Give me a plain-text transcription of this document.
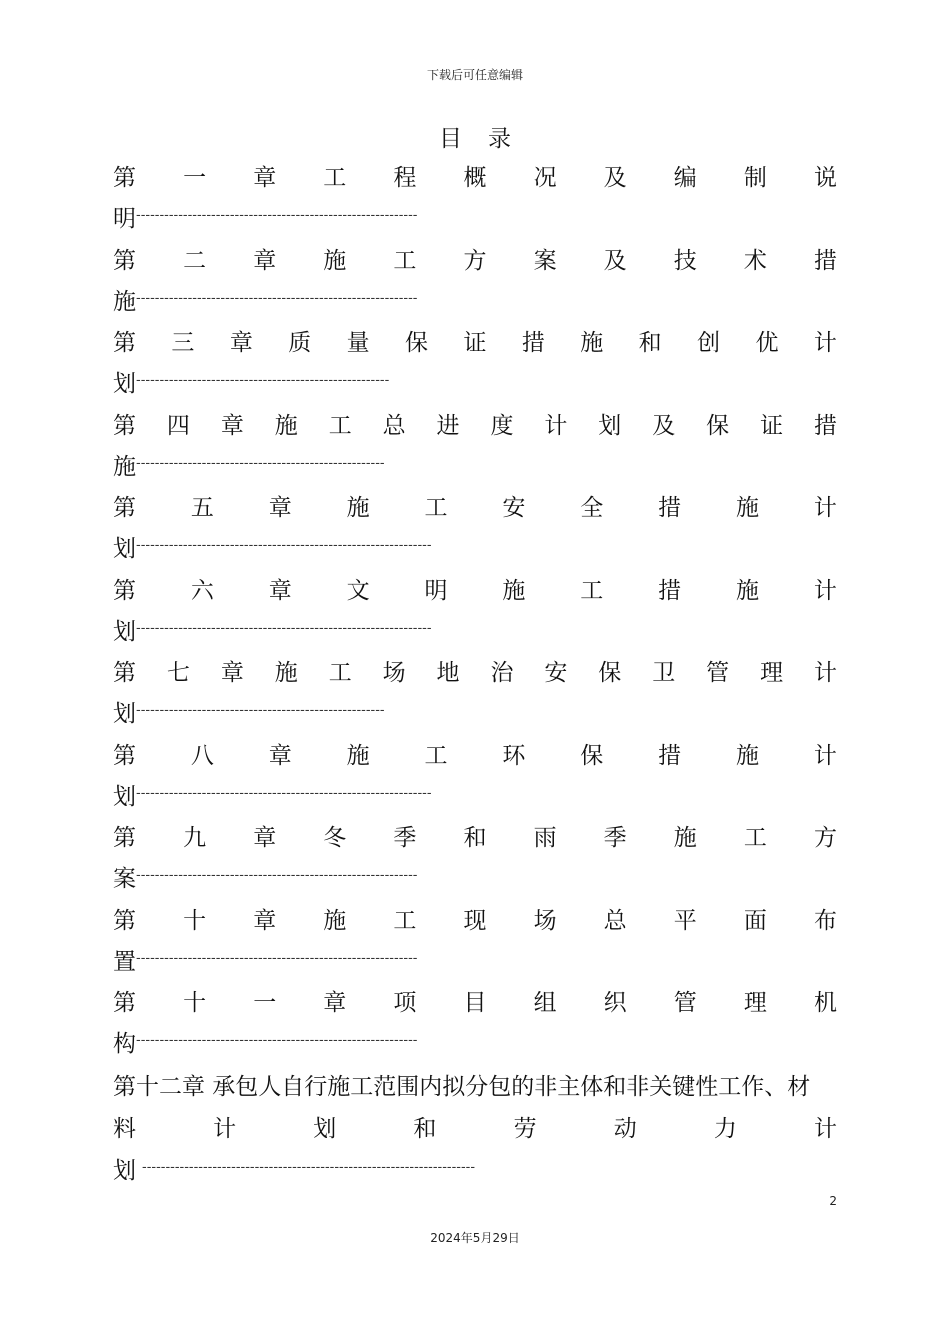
下载后可任意编辑
目录
第 一 章 工 程 概 况 及 编 制 说
明------------------------------------------------------------
第 二 章 施 工 方 案 及 技 术 措
施------------------------------------------------------------
第 三 章 质 量 保 证 措 施 和 创 优 计
划------------------------------------------------------
第 四 章 施 工 总 进 度 计 划 及 保 证 措
施-----------------------------------------------------
第 五 章 施 工 安 全 措 施 计
划---------------------------------------------------------------
第 六 章 文 明 施 工 措 施 计
划---------------------------------------------------------------
第 七 章 施 工 场 地 治 安 保 卫 管 理 计
划-----------------------------------------------------
第 八 章 施 工 环 保 措 施 计
划---------------------------------------------------------------
第 九 章 冬 季 和 雨 季 施 工 方
案------------------------------------------------------------
第 十 章 施 工 现 场 总 平 面 布
置------------------------------------------------------------
第 十 一 章 项 目 组 织 管 理 机
构------------------------------------------------------------
第十二章 承包人自行施工范围内拟分包的非主体和非关键性工作、材
料	计	划	和	劳	动	力	计
划 -----------------------------------------------------------------------
2
2024年5月29日
